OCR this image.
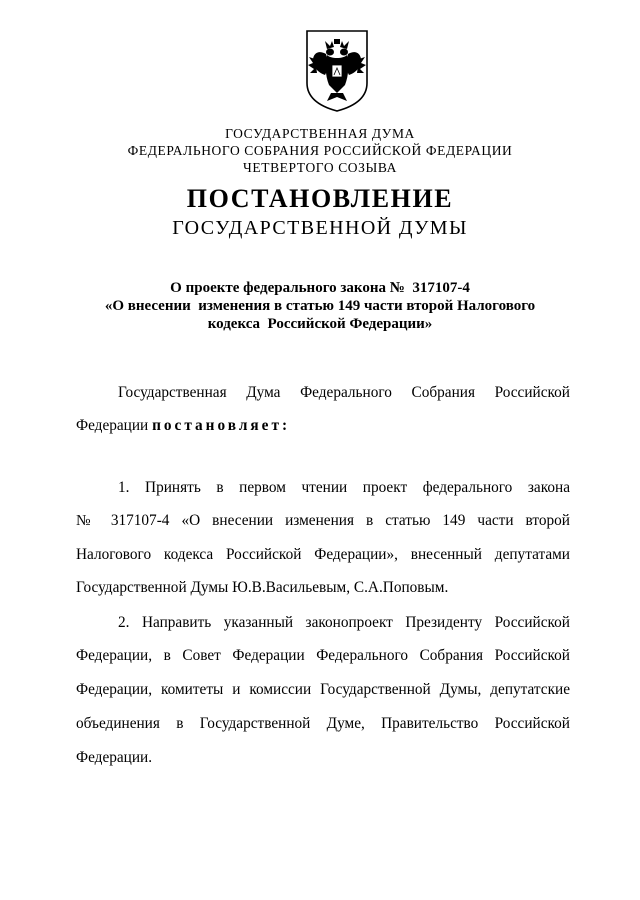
ГОСУДАРСТВЕННАЯ ДУМА
ФЕДЕРАЛЬНОГО СОБРАНИЯ РОССИЙСКОЙ ФЕДЕРАЦИИ
ЧЕТВЕРТОГО СОЗЫВА
ПОСТАНОВЛЕНИЕ
ГОСУДАРСТВЕННОЙ ДУМЫ
О проекте федерального закона №  317107-4
«О внесении  изменения в статью 149 части второй Налогового
кодекса  Российской Федерации»
Государственная Дума Федерального Собрания Российской
Федерации постановляет:
1. Принять в первом чтении проект федерального закона
№ 317107-4 «О внесении изменения в статью 149 части второй
Налогового кодекса Российской Федерации», внесенный депутатами
Государственной Думы Ю.В.Васильевым, С.А.Поповым.
2. Направить указанный законопроект Президенту Российской
Федерации, в Совет Федерации Федерального Собрания Российской
Федерации, комитеты и комиссии Государственной Думы, депутатские
объединения в Государственной Думе, Правительство Российской
Федерации.
